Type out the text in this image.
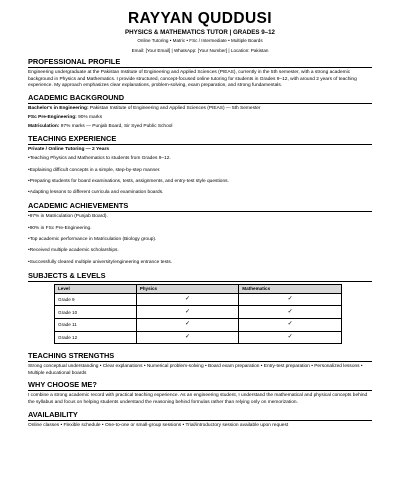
RAYYAN QUDDUSI
PHYSICS & MATHEMATICS TUTOR | GRADES 9–12
Online Tutoring • Matric • FSc / Intermediate • Multiple Boards
Email: [Your Email] | WhatsApp: [Your Number] | Location: Pakistan
PROFESSIONAL PROFILE
Engineering undergraduate at the Pakistan Institute of Engineering and Applied Sciences (PIEAS), currently in the 5th semester, with a strong academic background in Physics and Mathematics. I provide structured, concept-focused online tutoring for students in Grades 9–12, with around 2 years of teaching experience. My approach emphasizes clear explanations, problem-solving, exam preparation, and strong fundamentals.
ACADEMIC BACKGROUND
Bachelor's in Engineering: Pakistan Institute of Engineering and Applied Sciences (PIEAS) — 5th Semester
FSc Pre-Engineering: 90% marks
Matriculation: 97% marks — Punjab Board, Sir Syed Public School
TEACHING EXPERIENCE
Private / Online Tutoring — 2 Years
• Teaching Physics and Mathematics to students from Grades 9–12.
• Explaining difficult concepts in a simple, step-by-step manner.
• Preparing students for board examinations, tests, assignments, and entry-test style questions.
• Adapting lessons to different curricula and examination boards.
ACADEMIC ACHIEVEMENTS
• 97% in Matriculation (Punjab Board).
• 90% in FSc Pre-Engineering.
• Top academic performance in Matriculation (Biology group).
• Received multiple academic scholarships.
• Successfully cleared multiple university/engineering entrance tests.
SUBJECTS & LEVELS
Level	Physics	Mathematics
Grade 9	✓	✓
Grade 10	✓	✓
Grade 11	✓	✓
Grade 12	✓	✓
TEACHING STRENGTHS
Strong conceptual understanding • Clear explanations • Numerical problem-solving • Board exam preparation • Entry-test preparation • Personalized lessons • Multiple educational boards
WHY CHOOSE ME?
I combine a strong academic record with practical teaching experience. As an engineering student, I understand the mathematical and physical concepts behind the syllabus and focus on helping students understand the reasoning behind formulas rather than relying only on memorization.
AVAILABILITY
Online classes • Flexible schedule • One-to-one or small-group sessions • Trial/introductory session available upon request
